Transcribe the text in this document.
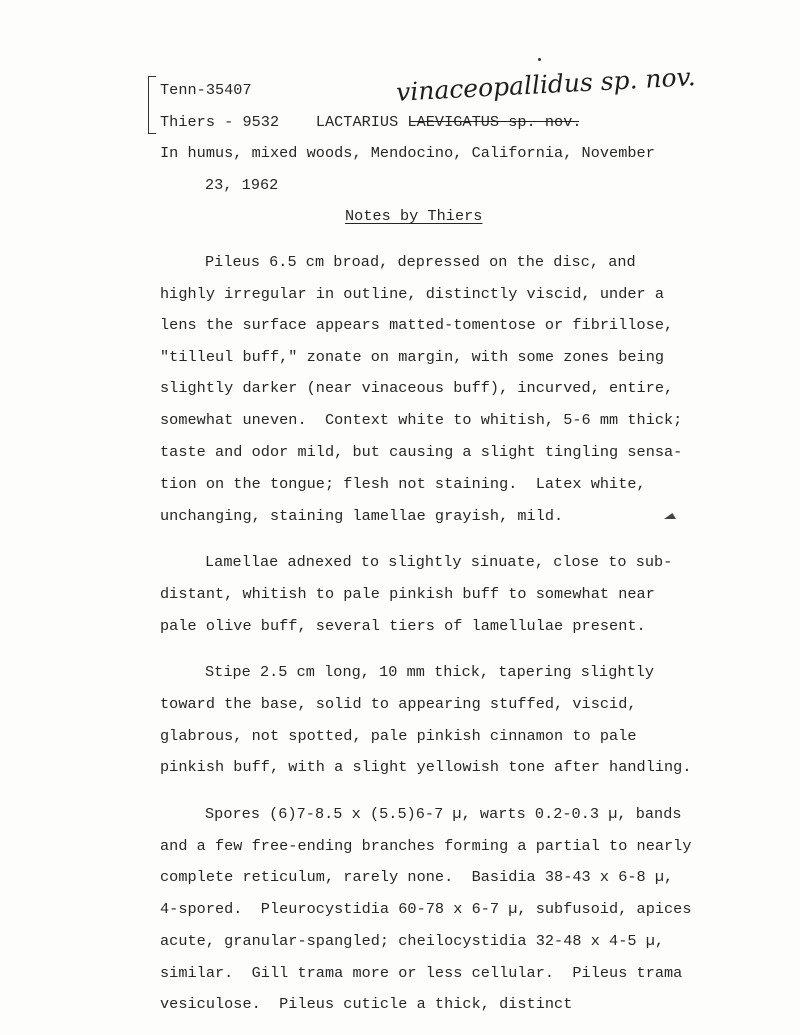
Tenn-35407	vinaceopallidus sp. nov.
Thiers - 9532    LACTARIUS LAEVIGATUS sp. nov.
In humus, mixed woods, Mendocino, California, November
23, 1962
Notes by Thiers
Pileus 6.5 cm broad, depressed on the disc, and
highly irregular in outline, distinctly viscid, under a
lens the surface appears matted-tomentose or fibrillose,
"tilleul buff," zonate on margin, with some zones being
slightly darker (near vinaceous buff), incurved, entire,
somewhat uneven.  Context white to whitish, 5-6 mm thick;
taste and odor mild, but causing a slight tingling sensa-
tion on the tongue; flesh not staining.  Latex white,
unchanging, staining lamellae grayish, mild.
Lamellae adnexed to slightly sinuate, close to sub-
distant, whitish to pale pinkish buff to somewhat near
pale olive buff, several tiers of lamellulae present.
Stipe 2.5 cm long, 10 mm thick, tapering slightly
toward the base, solid to appearing stuffed, viscid,
glabrous, not spotted, pale pinkish cinnamon to pale
pinkish buff, with a slight yellowish tone after handling.
Spores (6)7-8.5 x (5.5)6-7 µ, warts 0.2-0.3 µ, bands
and a few free-ending branches forming a partial to nearly
complete reticulum, rarely none.  Basidia 38-43 x 6-8 µ,
4-spored.  Pleurocystidia 60-78 x 6-7 µ, subfusoid, apices
acute, granular-spangled; cheilocystidia 32-48 x 4-5 µ,
similar.  Gill trama more or less cellular.  Pileus trama
vesiculose.  Pileus cuticle a thick, distinct
